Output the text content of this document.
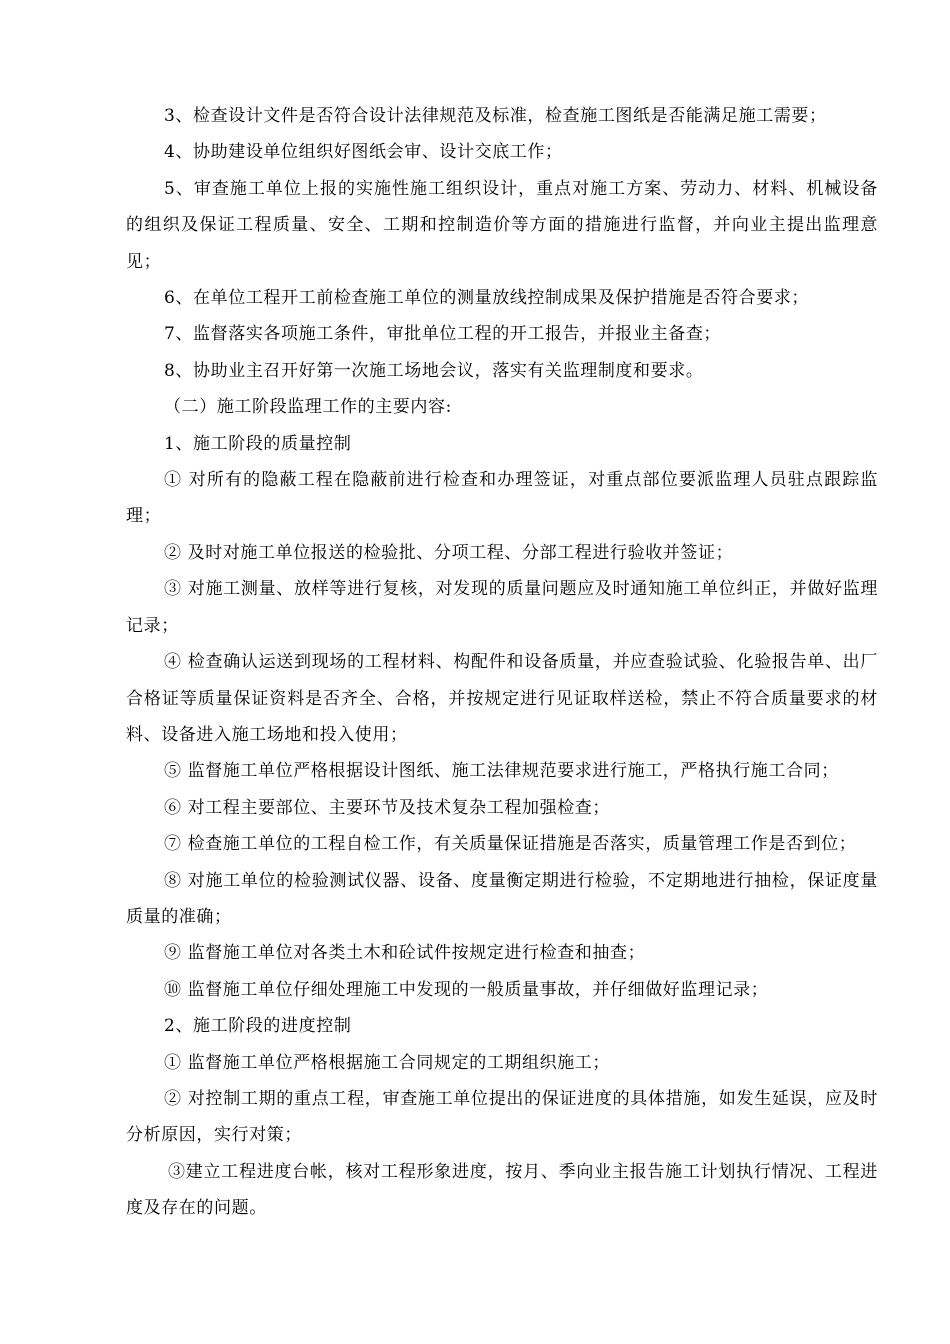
3、检查设计文件是否符合设计法律规范及标准，检查施工图纸是否能满足施工需要；

4、协助建设单位组织好图纸会审、设计交底工作；

5、审查施工单位上报的实施性施工组织设计，重点对施工方案、劳动力、材料、机械设备的组织及保证工程质量、安全、工期和控制造价等方面的措施进行监督，并向业主提出监理意见；

6、在单位工程开工前检查施工单位的测量放线控制成果及保护措施是否符合要求；

7、监督落实各项施工条件，审批单位工程的开工报告，并报业主备查；

8、协助业主召开好第一次施工场地会议，落实有关监理制度和要求。

（二）施工阶段监理工作的主要内容:

1、施工阶段的质量控制

① 对所有的隐蔽工程在隐蔽前进行检查和办理签证，对重点部位要派监理人员驻点跟踪监理；

② 及时对施工单位报送的检验批、分项工程、分部工程进行验收并签证；

③ 对施工测量、放样等进行复核，对发现的质量问题应及时通知施工单位纠正，并做好监理记录；

④ 检查确认运送到现场的工程材料、构配件和设备质量，并应查验试验、化验报告单、出厂合格证等质量保证资料是否齐全、合格，并按规定进行见证取样送检，禁止不符合质量要求的材料、设备进入施工场地和投入使用；

⑤ 监督施工单位严格根据设计图纸、施工法律规范要求进行施工，严格执行施工合同；

⑥ 对工程主要部位、主要环节及技术复杂工程加强检查；

⑦ 检查施工单位的工程自检工作，有关质量保证措施是否落实，质量管理工作是否到位；

⑧ 对施工单位的检验测试仪器、设备、度量衡定期进行检验，不定期地进行抽检，保证度量质量的准确；

⑨ 监督施工单位对各类土木和砼试件按规定进行检查和抽查；

⑩ 监督施工单位仔细处理施工中发现的一般质量事故，并仔细做好监理记录；

2、施工阶段的进度控制

① 监督施工单位严格根据施工合同规定的工期组织施工；

② 对控制工期的重点工程，审查施工单位提出的保证进度的具体措施，如发生延误，应及时分析原因，实行对策；

③建立工程进度台帐，核对工程形象进度，按月、季向业主报告施工计划执行情况、工程进度及存在的问题。
